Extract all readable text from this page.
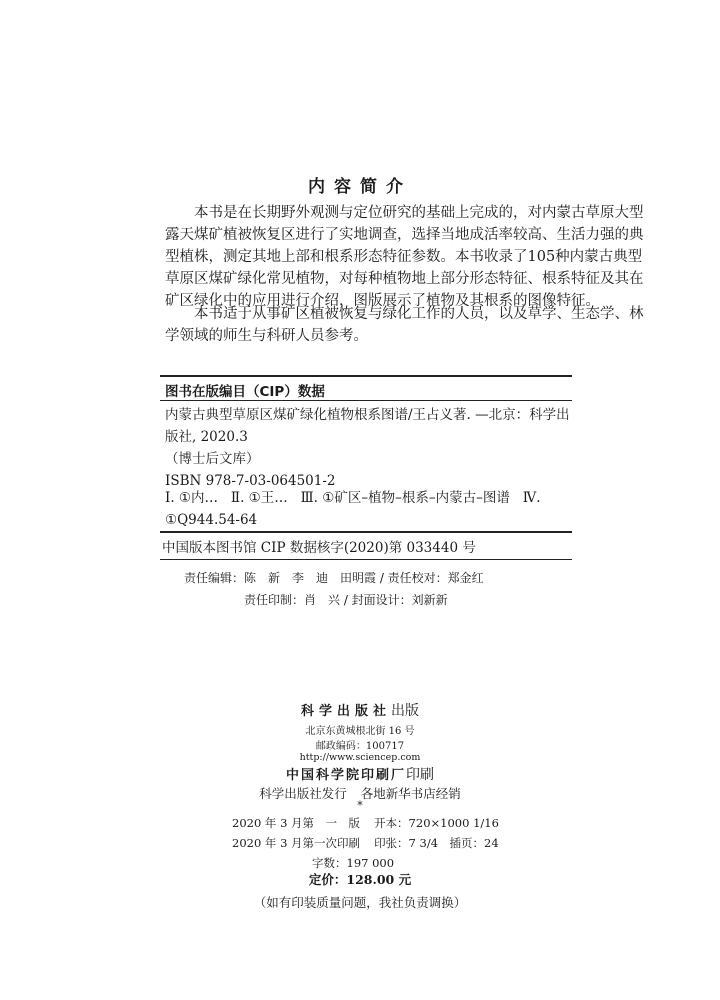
内容简介
本书是在长期野外观测与定位研究的基础上完成的，对内蒙古草原大型
露天煤矿植被恢复区进行了实地调查，选择当地成活率较高、生活力强的典
型植株，测定其地上部和根系形态特征参数。本书收录了105种内蒙古典型
草原区煤矿绿化常见植物，对每种植物地上部分形态特征、根系特征及其在
矿区绿化中的应用进行介绍，图版展示了植物及其根系的图像特征。
本书适于从事矿区植被恢复与绿化工作的人员，以及草学、生态学、林
学领域的师生与科研人员参考。
图书在版编目（CIP）数据
内蒙古典型草原区煤矿绿化植物根系图谱/王占义著. —北京：科学出
版社, 2020.3
（博士后文库）
ISBN 978-7-03-064501-2
Ⅰ. ①内…   Ⅱ. ①王…   Ⅲ. ①矿区–植物–根系–内蒙古–图谱   Ⅳ.
①Q944.54-64
中国版本图书馆 CIP 数据核字(2020)第 033440 号
责任编辑：陈　新　李　迪　田明霞 / 责任校对：郑金红
责任印制：肖　兴 / 封面设计：刘新新
科学出版社出版
北京东黄城根北街 16 号
邮政编码：100717
http://www.sciencep.com
中国科学院印刷厂印刷
科学出版社发行 各地新华书店经销
*
2020 年 3 月第　一　版 开本：720×1000 1/16
2020 年 3 月第一次印刷 印张：7 3/4　插页：24
字数：197 000
定价：128.00 元
（如有印装质量问题，我社负责调换）
